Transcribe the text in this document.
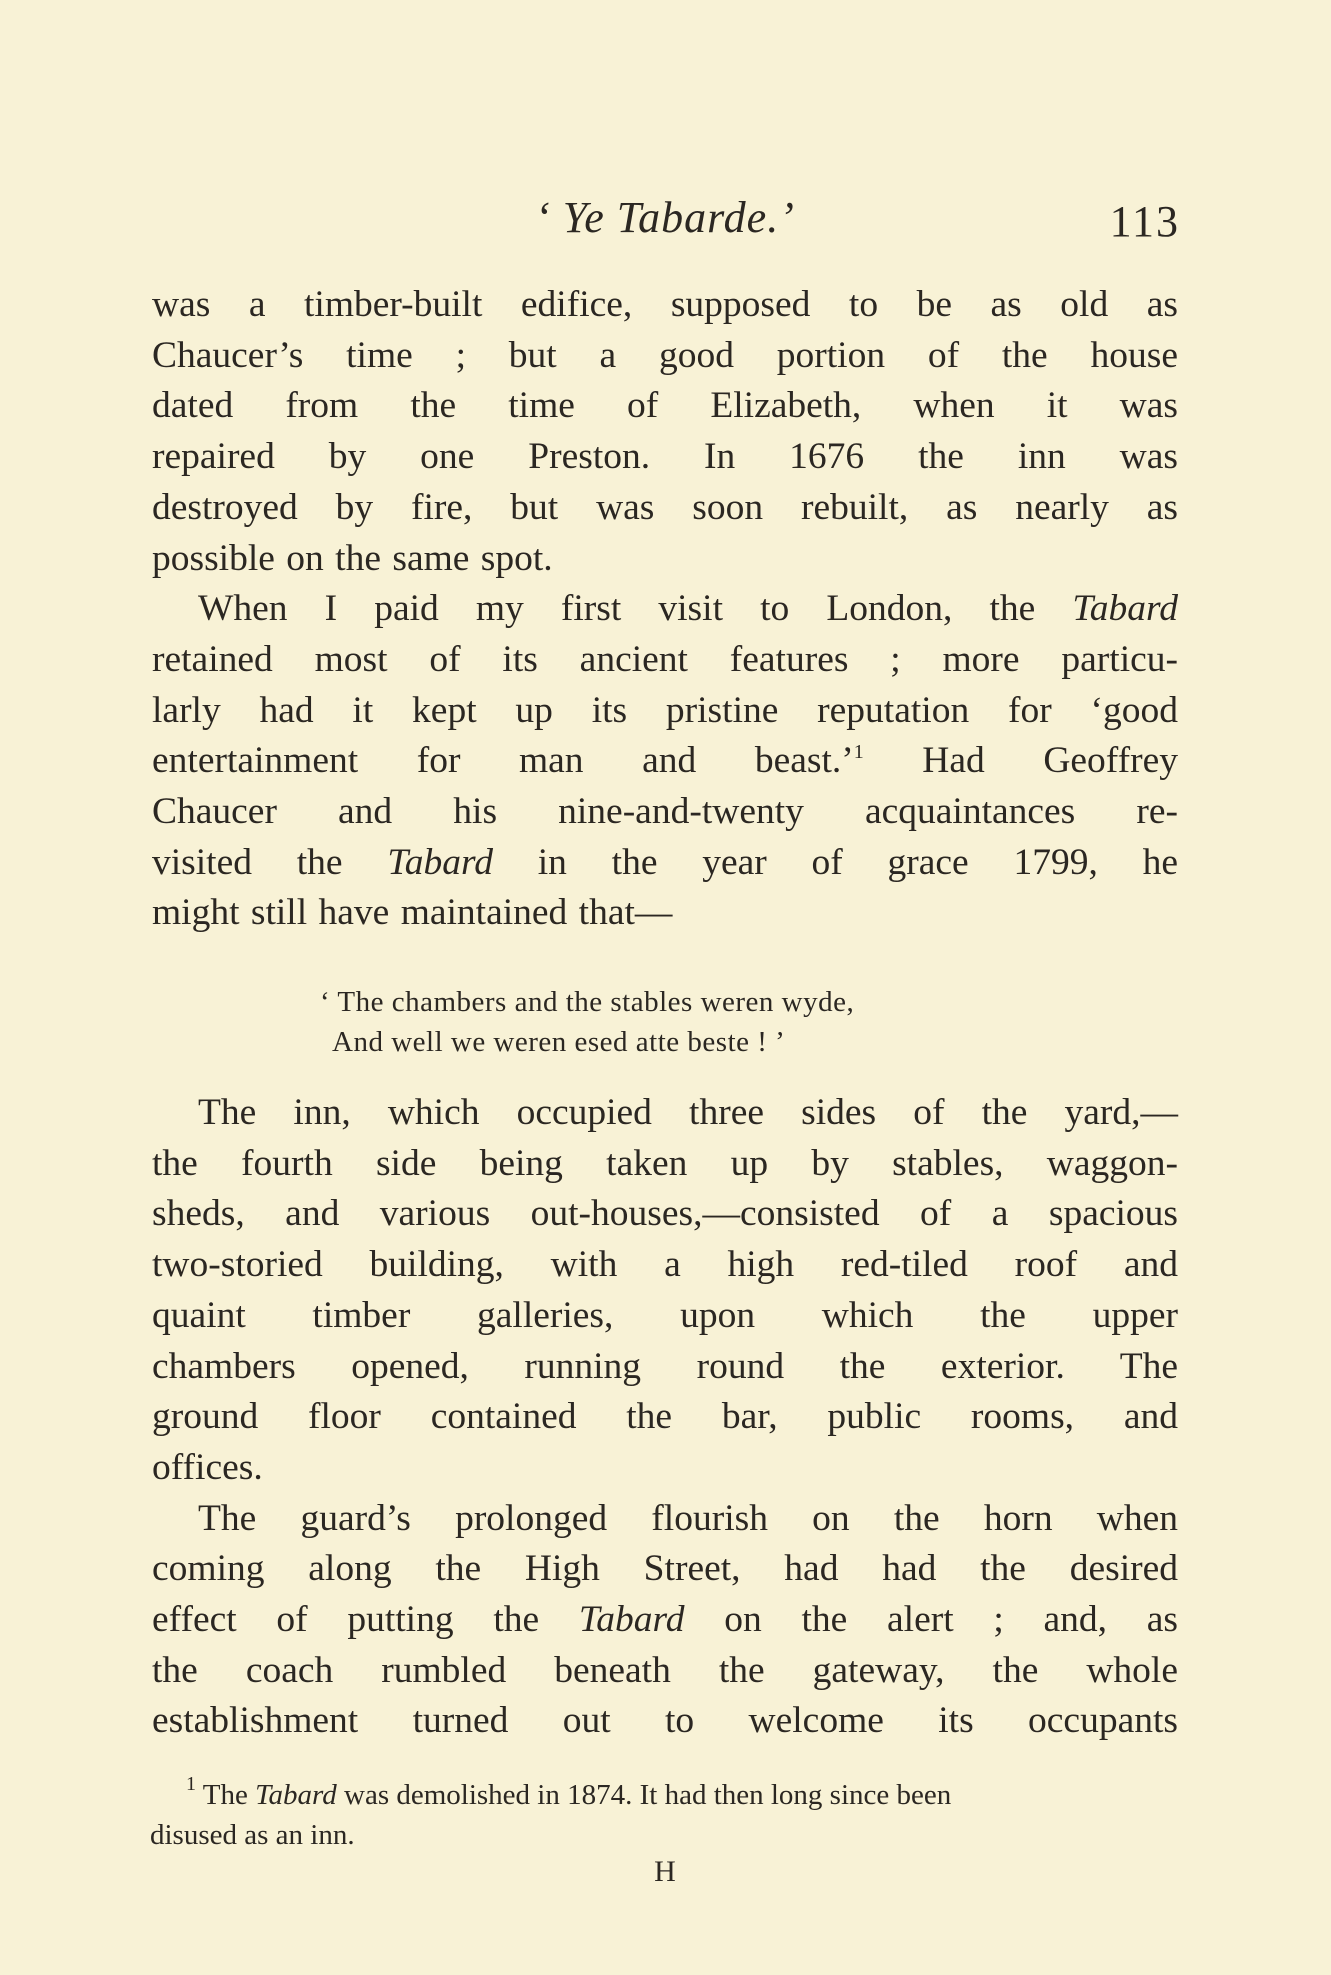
‘ Ye Tabarde.’	113

was a timber-built edifice, supposed to be as old as
Chaucer’s time ; but a good portion of the house
dated from the time of Elizabeth, when it was
repaired by one Preston. In 1676 the inn was
destroyed by fire, but was soon rebuilt, as nearly as
possible on the same spot.

When I paid my first visit to London, the Tabard
retained most of its ancient features ; more particu-
larly had it kept up its pristine reputation for ‘good
entertainment for man and beast.’$^1$ Had Geoffrey
Chaucer and his nine-and-twenty acquaintances re-
visited the Tabard in the year of grace 1799, he
might still have maintained that—

‘ The chambers and the stables weren wyde,
And well we weren esed atte beste ! ’

The inn, which occupied three sides of the yard,—
the fourth side being taken up by stables, waggon-
sheds, and various out-houses,—consisted of a spacious
two-storied building, with a high red-tiled roof and
quaint timber galleries, upon which the upper
chambers opened, running round the exterior. The
ground floor contained the bar, public rooms, and
offices.

The guard’s prolonged flourish on the horn when
coming along the High Street, had had the desired
effect of putting the Tabard on the alert ; and, as
the coach rumbled beneath the gateway, the whole
establishment turned out to welcome its occupants

$^1$ The Tabard was demolished in 1874. It had then long since been
disused as an inn.
H
